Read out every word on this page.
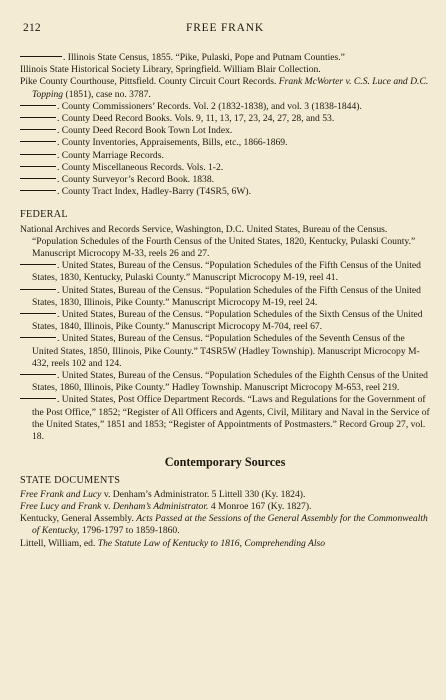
212	FREE FRANK

. Illinois State Census, 1855. “Pike, Pulaski, Pope and Putnam Counties.”

Illinois State Historical Society Library, Springfield. William Blair Collection.

Pike County Courthouse, Pittsfield. County Circuit Court Records. Frank McWorter v. C.S. Luce and D.C. Topping (1851), case no. 3787.

. County Commissioners’ Records. Vol. 2 (1832-1838), and vol. 3 (1838-1844).

. County Deed Record Books. Vols. 9, 11, 13, 17, 23, 24, 27, 28, and 53.

. County Deed Record Book Town Lot Index.

. County Inventories, Appraisements, Bills, etc., 1866-1869.

. County Marriage Records.

. County Miscellaneous Records. Vols. 1-2.

. County Surveyor’s Record Book. 1838.

. County Tract Index, Hadley-Barry (T4SR5, 6W).

FEDERAL

National Archives and Records Service, Washington, D.C. United States, Bureau of the Census. “Population Schedules of the Fourth Census of the United States, 1820, Kentucky, Pulaski County.” Manuscript Microcopy M-33, reels 26 and 27.

. United States, Bureau of the Census. “Population Schedules of the Fifth Census of the United States, 1830, Kentucky, Pulaski County.” Manuscript Microcopy M-19, reel 41.

. United States, Bureau of the Census. “Population Schedules of the Fifth Census of the United States, 1830, Illinois, Pike County.” Manuscript Microcopy M-19, reel 24.

. United States, Bureau of the Census. “Population Schedules of the Sixth Census of the United States, 1840, Illinois, Pike County.” Manuscript Microcopy M-704, reel 67.

. United States, Bureau of the Census. “Population Schedules of the Seventh Census of the United States, 1850, Illinois, Pike County.” T4SR5W (Hadley Township). Manuscript Microcopy M-432, reels 102 and 124.

. United States, Bureau of the Census. “Population Schedules of the Eighth Census of the United States, 1860, Illinois, Pike County.” Hadley Township. Manuscript Microcopy M-653, reel 219.

. United States, Post Office Department Records. “Laws and Regulations for the Government of the Post Office,” 1852; “Register of All Officers and Agents, Civil, Military and Naval in the Service of the United States,” 1851 and 1853; “Register of Appointments of Postmasters.” Record Group 27, vol. 18.

Contemporary Sources
STATE DOCUMENTS

Free Frank and Lucy v. Denham’s Administrator. 5 Littell 330 (Ky. 1824).

Free Lucy and Frank v. Denham’s Administrator. 4 Monroe 167 (Ky. 1827).

Kentucky, General Assembly. Acts Passed at the Sessions of the General Assembly for the Commonwealth of Kentucky, 1796-1797 to 1859-1860.

Littell, William, ed. The Statute Law of Kentucky to 1816, Comprehending Also
